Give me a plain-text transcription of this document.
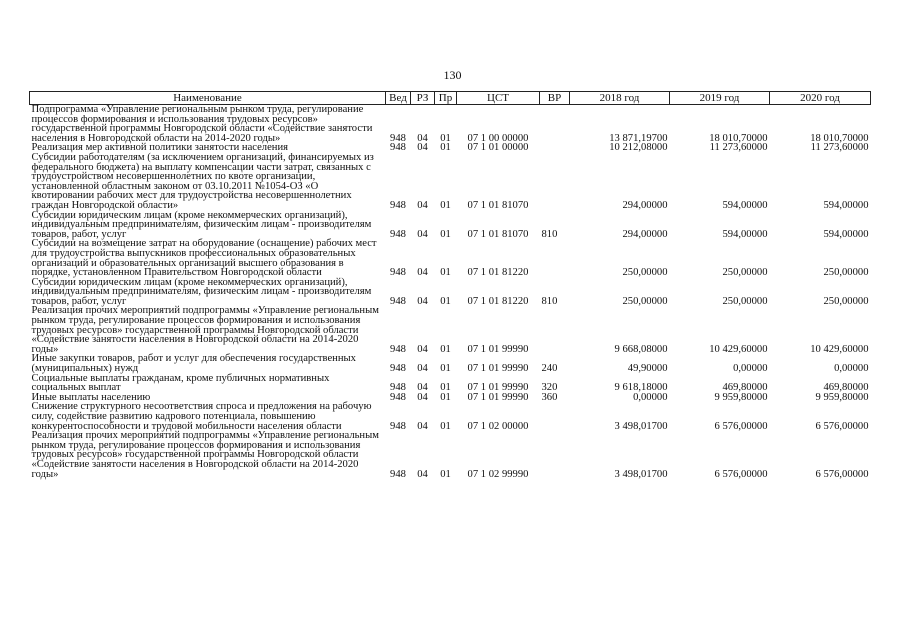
130
Наименование	Вед	РЗ	Пр	ЦСТ	ВР	2018 год	2019 год	2020 год
Подпрограмма «Управление региональным рынком труда, регулирование процессов формирования и использования трудовых ресурсов» государственной программы Новгородской области «Содействие занятости населения в Новгородской области на 2014-2020 годы»	948	04	01	07 1 00 00000		13 871,19700	18 010,70000	18 010,70000
Реализация мер активной политики занятости населения	948	04	01	07 1 01 00000		10 212,08000	11 273,60000	11 273,60000
Субсидии работодателям (за исключением организаций, финансируемых из федерального бюджета) на выплату компенсации части затрат, связанных с трудоустройством несовершеннолетних по квоте организации, установленной областным законом от 03.10.2011 №1054-ОЗ «О квотировании рабочих мест для трудоустройства несовершеннолетних граждан Новгородской области»	948	04	01	07 1 01 81070		294,00000	594,00000	594,00000
Субсидии юридическим лицам (кроме некоммерческих организаций), индивидуальным предпринимателям, физическим лицам - производителям товаров, работ, услуг	948	04	01	07 1 01 81070	810	294,00000	594,00000	594,00000
Субсидии на возмещение затрат на оборудование (оснащение) рабочих мест для трудоустройства выпускников профессиональных образовательных организаций и образовательных организаций высшего образования в порядке, установленном Правительством Новгородской области	948	04	01	07 1 01 81220		250,00000	250,00000	250,00000
Субсидии юридическим лицам (кроме некоммерческих организаций), индивидуальным предпринимателям, физическим лицам - производителям товаров, работ, услуг	948	04	01	07 1 01 81220	810	250,00000	250,00000	250,00000
Реализация прочих мероприятий подпрограммы «Управление региональным рынком труда, регулирование процессов формирования и использования трудовых ресурсов» государственной программы Новгородской области «Содействие занятости населения в Новгородской области на 2014-2020 годы»	948	04	01	07 1 01 99990		9 668,08000	10 429,60000	10 429,60000
Иные закупки товаров, работ и услуг для обеспечения государственных (муниципальных) нужд	948	04	01	07 1 01 99990	240	49,90000	0,00000	0,00000
Социальные выплаты гражданам, кроме публичных нормативных социальных выплат	948	04	01	07 1 01 99990	320	9 618,18000	469,80000	469,80000
Иные выплаты населению	948	04	01	07 1 01 99990	360	0,00000	9 959,80000	9 959,80000
Снижение структурного несоответствия спроса и предложения на рабочую силу, содействие развитию кадрового потенциала, повышению конкурентоспособности и трудовой мобильности населения области	948	04	01	07 1 02 00000		3 498,01700	6 576,00000	6 576,00000
Реализация прочих мероприятий подпрограммы «Управление региональным рынком труда, регулирование процессов формирования и использования трудовых ресурсов» государственной программы Новгородской области «Содействие занятости населения в Новгородской области на 2014-2020 годы»	948	04	01	07 1 02 99990		3 498,01700	6 576,00000	6 576,00000
